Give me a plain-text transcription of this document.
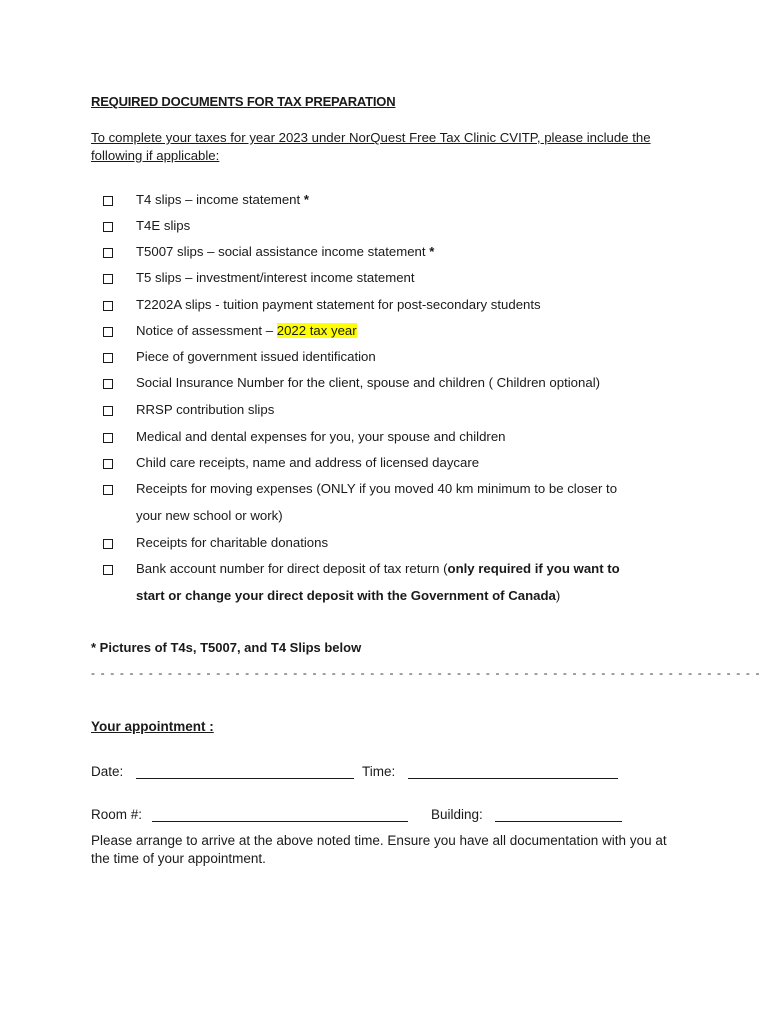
REQUIRED DOCUMENTS FOR TAX PREPARATION
To complete your taxes for year 2023 under NorQuest Free Tax Clinic CVITP, please include the following if applicable:
T4 slips – income statement *
T4E slips
T5007 slips – social assistance income statement *
T5 slips – investment/interest income statement
T2202A slips - tuition payment statement for post-secondary students
Notice of assessment – 2022 tax year
Piece of government issued identification
Social Insurance Number for the client, spouse and children ( Children optional)
RRSP contribution slips
Medical and dental expenses for you, your spouse and children
Child care receipts, name and address of licensed daycare
Receipts for moving expenses (ONLY if you moved 40 km minimum to be closer to
your new school or work)
Receipts for charitable donations
Bank account number for direct deposit of tax return (only required if you want to
start or change your direct deposit with the Government of Canada)
* Pictures of T4s, T5007, and T4 Slips below
- - - - - - - - - - - - - - - - - - - - - - - - - - - - - - - - - - - - - - - - - - - - - - - - - - - - - - - - - - - - - - - - - - - - - -
Your appointment :
Date:	Time:
Room #:	Building:
Please arrange to arrive at the above noted time. Ensure you have all documentation with you at the time of your appointment.
